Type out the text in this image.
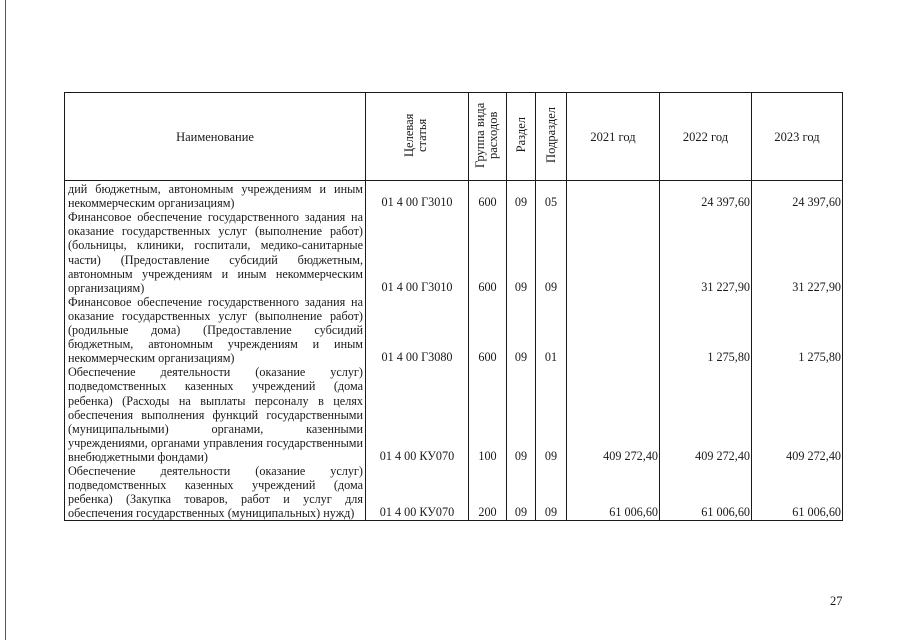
Наименование	Целевая статья	Группа вида расходов	Раздел	Подраздел	2021 год	2022 год	2023 год
дий бюджетным, автономным учреждениям и иным некоммерческим организациям)	01 4 00 Г3010	600	09	05		24 397,60	24 397,60
Финансовое обеспечение государственного задания на оказание государственных услуг (выполнение работ) (больницы, клиники, госпитали, медико-санитарные части) (Предоставление субсидий бюджетным, автономным учреждениям и иным некоммерческим организациям)	01 4 00 Г3010	600	09	09		31 227,90	31 227,90
Финансовое обеспечение государственного задания на оказание государственных услуг (выполнение работ) (родильные дома) (Предоставление субсидий бюджетным, автономным учреждениям и иным некоммерческим организациям)	01 4 00 Г3080	600	09	01		1 275,80	1 275,80
Обеспечение деятельности (оказание услуг) подведомственных казенных учреждений (дома ребенка) (Расходы на выплаты персоналу в целях обеспечения выполнения функций государственными (муниципальными) органами, казенными учреждениями, органами управления государственными внебюджетными фондами)	01 4 00 КУ070	100	09	09	409 272,40	409 272,40	409 272,40
Обеспечение деятельности (оказание услуг) подведомственных казенных учреждений (дома ребенка) (Закупка товаров, работ и услуг для обеспечения государственных (муниципальных) нужд)	01 4 00 КУ070	200	09	09	61 006,60	61 006,60	61 006,60
27
